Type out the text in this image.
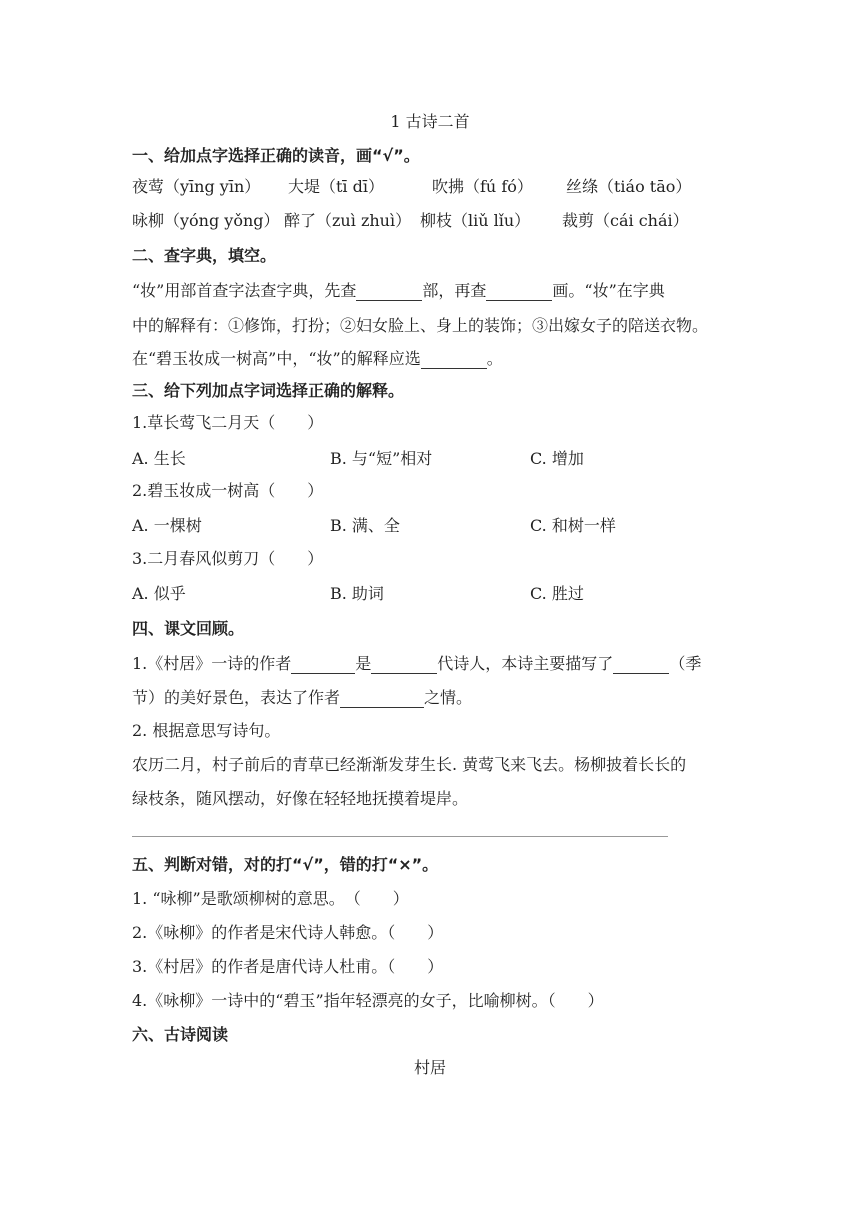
1 古诗二首
一、给加点字选择正确的读音，画“√”。
夜莺（yīng yīn） 大堤（tī dī）	吹拂（fú fó） 丝绦（tiáo tāo）
咏柳（yóng yǒng） 醉了（zuì zhuì） 柳枝（liǔ lǐu） 裁剪（cái chái）
二、查字典，填空。
“妆”用部首查字法查字典，先查	部，再查	画。“妆”在字典
中的解释有：①修饰，打扮；②妇女脸上、身上的装饰；③出嫁女子的陪送衣物。
在“碧玉妆成一树高”中，“妆”的解释应选	。
三、给下列加点字词选择正确的解释。
1.草长莺飞二月天（　　）
A. 生长	B. 与“短”相对	C. 增加
2.碧玉妆成一树高（　　）
A. 一棵树	B. 满、全	C. 和树一样
3.二月春风似剪刀（　　）
A. 似乎	B. 助词	C. 胜过
四、课文回顾。
1.《村居》一诗的作者	是	代诗人，本诗主要描写了	（季
节）的美好景色，表达了作者	之情。
2. 根据意思写诗句。
农历二月，村子前后的青草已经渐渐发芽生长. 黄莺飞来飞去。杨柳披着长长的
绿枝条，随风摆动，好像在轻轻地抚摸着堤岸。
五、判断对错，对的打“√”，错的打“×”。
1. “咏柳”是歌颂柳树的意思。　（　　）
2.《咏柳》的作者是宋代诗人韩愈。（　　）
3.《村居》的作者是唐代诗人杜甫。（　　）
4.《咏柳》一诗中的“碧玉”指年轻漂亮的女子，比喻柳树。（　　）
六、古诗阅读
村居
